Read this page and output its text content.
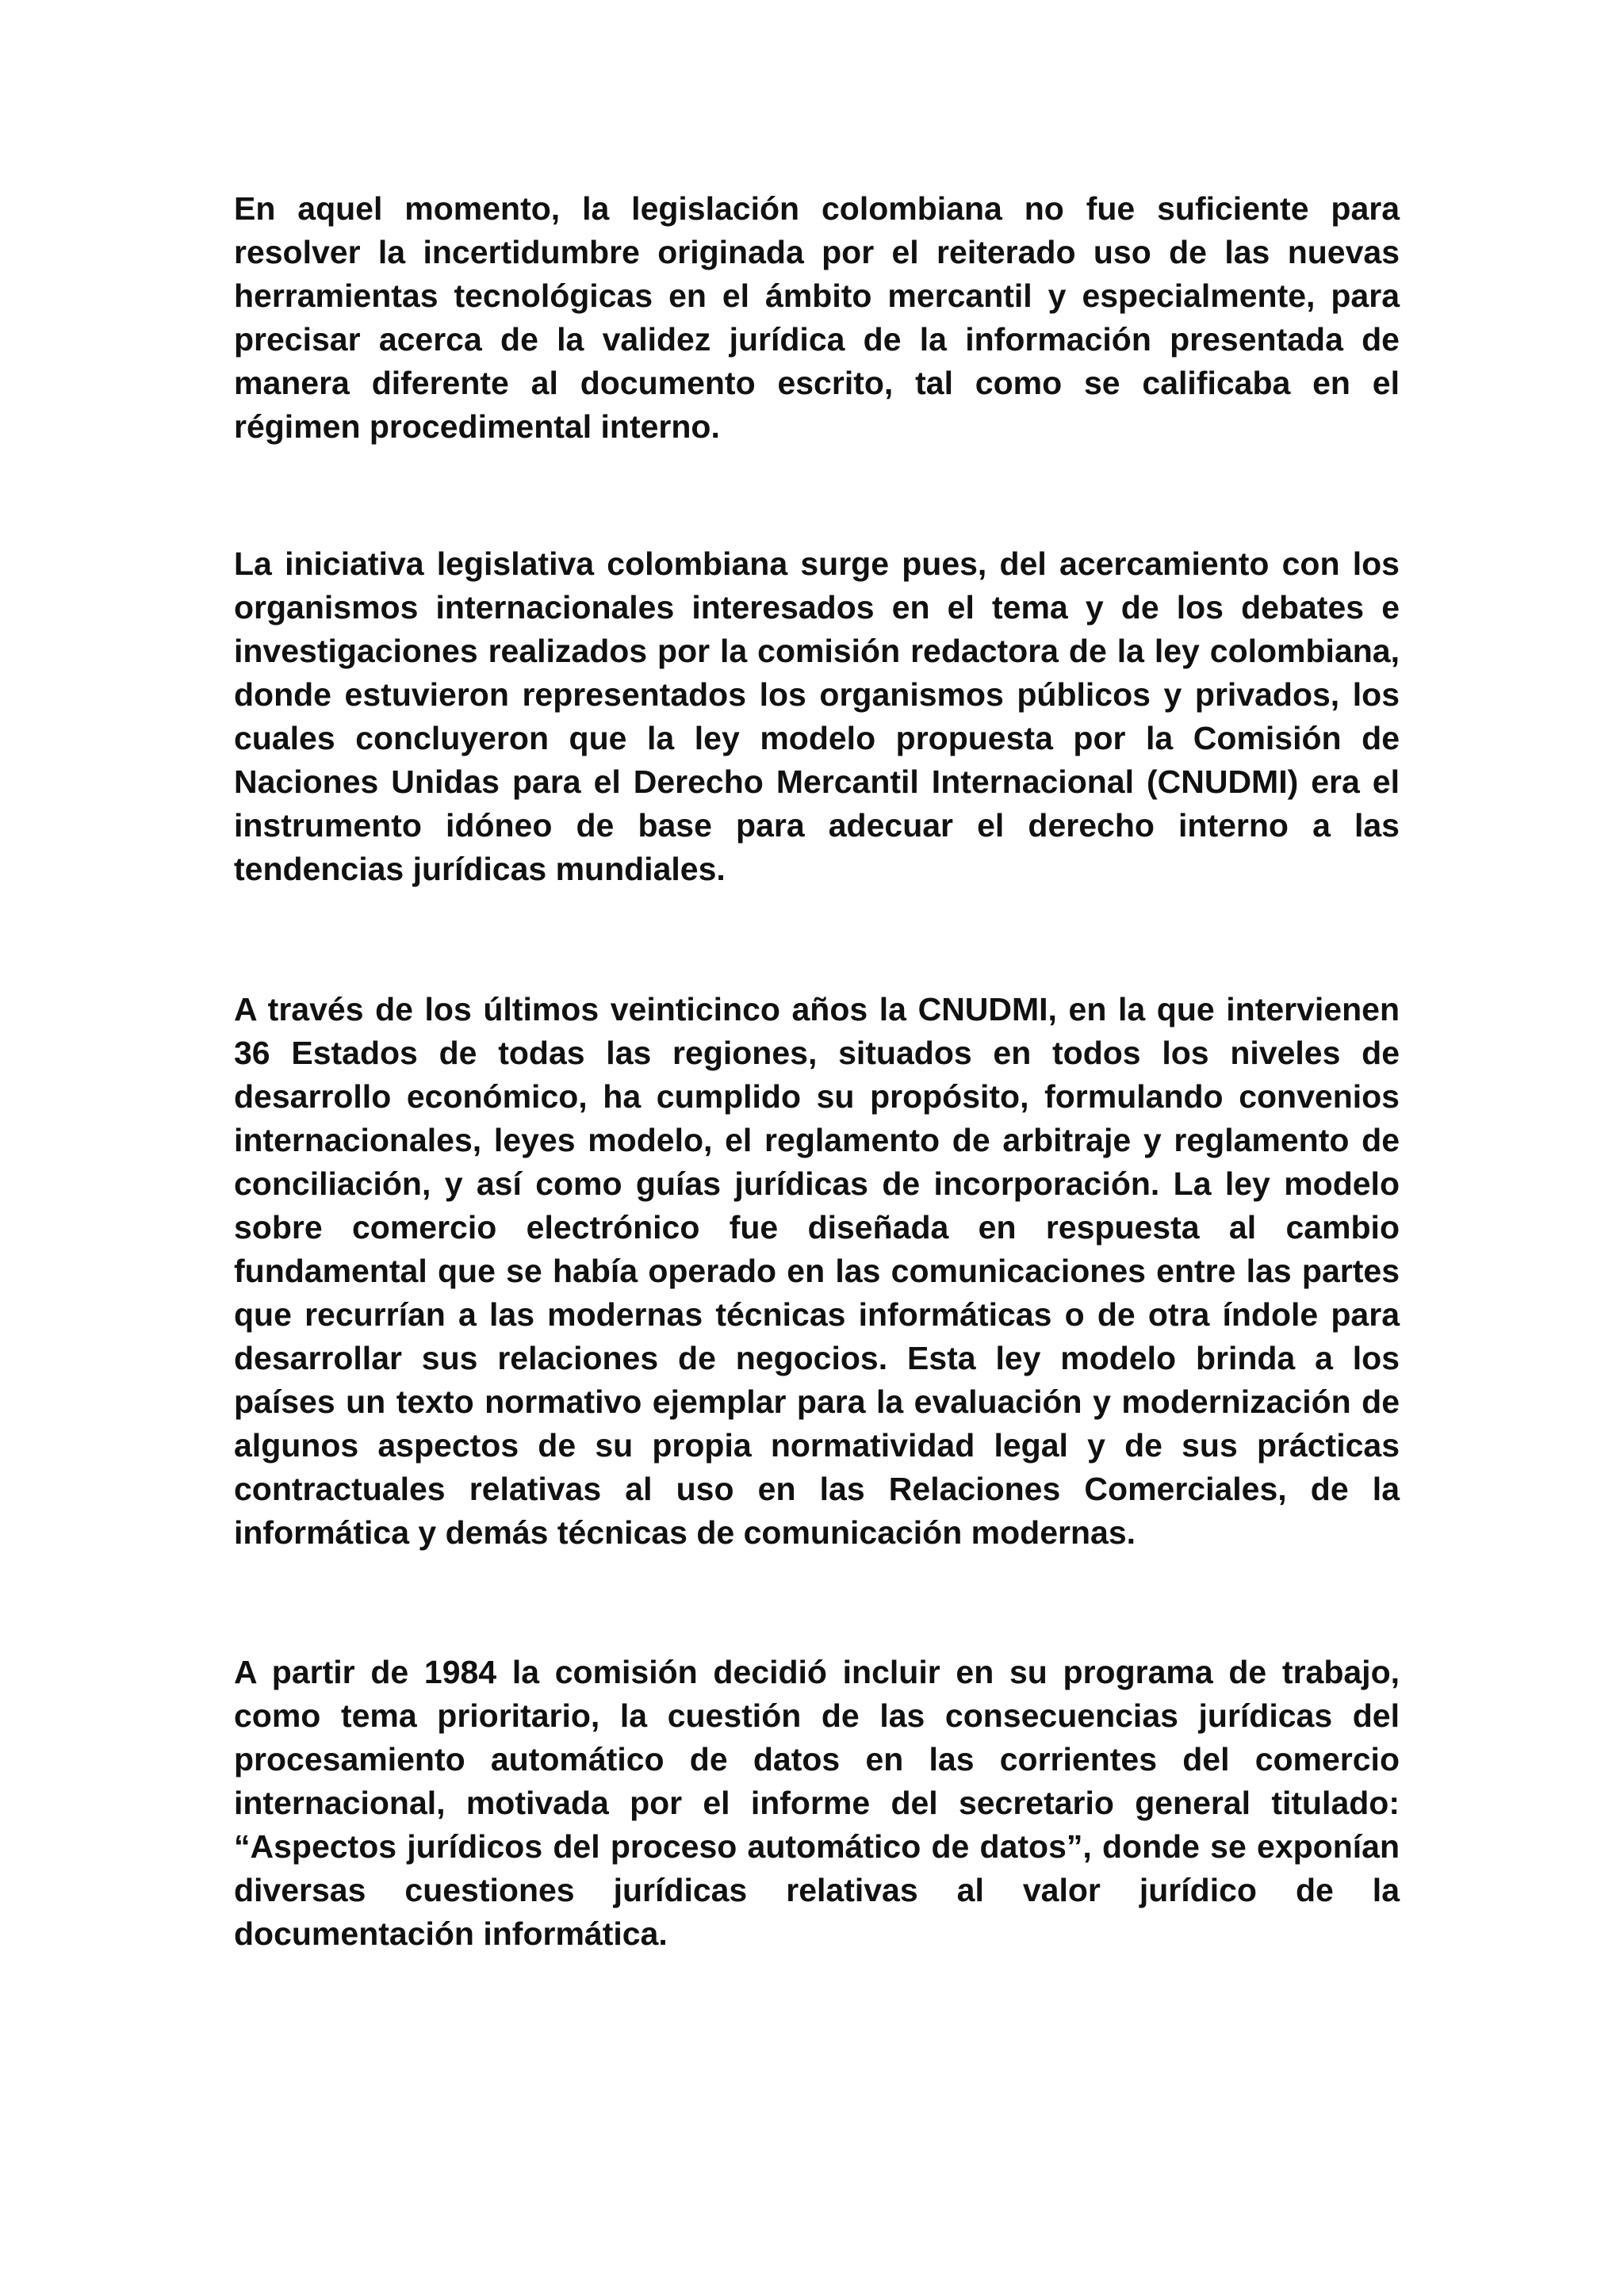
En aquel momento, la legislación colombiana no fue suficiente para resolver la incertidumbre originada por el reiterado uso de las nuevas herramientas tecnológicas en el ámbito mercantil y especialmente, para precisar acerca de la validez jurídica de la información presentada de manera diferente al documento escrito, tal como se calificaba en el régimen procedimental interno.

La iniciativa legislativa colombiana surge pues, del acercamiento con los organismos internacionales interesados en el tema y de los debates e investigaciones realizados por la comisión redactora de la ley colombiana, donde estuvieron representados los organismos públicos y privados, los cuales concluyeron que la ley modelo propuesta por la Comisión de Naciones Unidas para el Derecho Mercantil Internacional (CNUDMI) era el instrumento idóneo de base para adecuar el derecho interno a las tendencias jurídicas mundiales.

A través de los últimos veinticinco años la CNUDMI, en la que intervienen 36 Estados de todas las regiones, situados en todos los niveles de desarrollo económico, ha cumplido su propósito, formulando convenios internacionales, leyes modelo, el reglamento de arbitraje y reglamento de conciliación, y así como guías jurídicas de incorporación. La ley modelo sobre comercio electrónico fue diseñada en respuesta al cambio fundamental que se había operado en las comunicaciones entre las partes que recurrían a las modernas técnicas informáticas o de otra índole para desarrollar sus relaciones de negocios. Esta ley modelo brinda a los países un texto normativo ejemplar para la evaluación y modernización de algunos aspectos de su propia normatividad legal y de sus prácticas contractuales relativas al uso en las Relaciones Comerciales, de la informática y demás técnicas de comunicación modernas.

A partir de 1984 la comisión decidió incluir en su programa de trabajo, como tema prioritario, la cuestión de las consecuencias jurídicas del procesamiento automático de datos en las corrientes del comercio internacional, motivada por el informe del secretario general titulado: “Aspectos jurídicos del proceso automático de datos”, donde se exponían diversas cuestiones jurídicas relativas al valor jurídico de la documentación informática.
